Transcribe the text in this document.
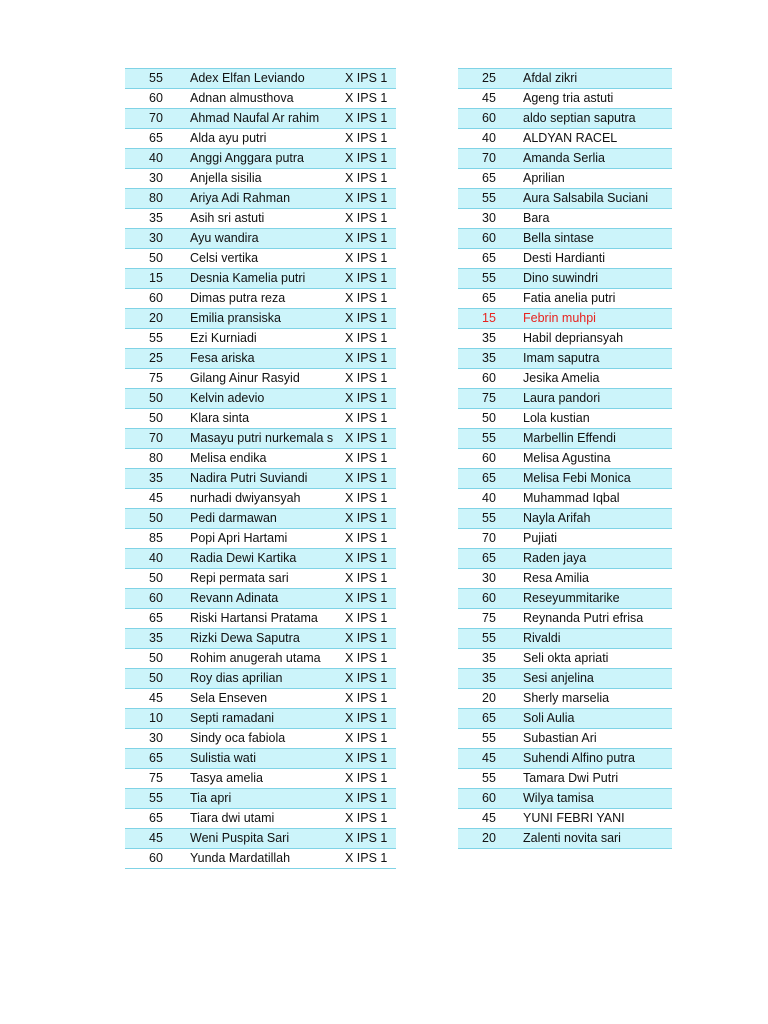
55	Adex Elfan Leviando	X IPS 1
60	Adnan almusthova	X IPS 1
70	Ahmad Naufal Ar rahim	X IPS 1
65	Alda ayu putri	X IPS 1
40	Anggi Anggara putra	X IPS 1
30	Anjella sisilia	X IPS 1
80	Ariya Adi Rahman	X IPS 1
35	Asih sri astuti	X IPS 1
30	Ayu wandira	X IPS 1
50	Celsi vertika	X IPS 1
15	Desnia Kamelia putri	X IPS 1
60	Dimas putra reza	X IPS 1
20	Emilia pransiska	X IPS 1
55	Ezi Kurniadi	X IPS 1
25	Fesa ariska	X IPS 1
75	Gilang Ainur Rasyid	X IPS 1
50	Kelvin adevio	X IPS 1
50	Klara sinta	X IPS 1
70	Masayu putri nurkemala s	X IPS 1
80	Melisa endika	X IPS 1
35	Nadira Putri Suviandi	X IPS 1
45	nurhadi dwiyansyah	X IPS 1
50	Pedi darmawan	X IPS 1
85	Popi Apri Hartami	X IPS 1
40	Radia Dewi Kartika	X IPS 1
50	Repi permata sari	X IPS 1
60	Revann Adinata	X IPS 1
65	Riski Hartansi Pratama	X IPS 1
35	Rizki Dewa Saputra	X IPS 1
50	Rohim anugerah utama	X IPS 1
50	Roy dias aprilian	X IPS 1
45	Sela Enseven	X IPS 1
10	Septi ramadani	X IPS 1
30	Sindy oca fabiola	X IPS 1
65	Sulistia wati	X IPS 1
75	Tasya amelia	X IPS 1
55	Tia apri	X IPS 1
65	Tiara dwi utami	X IPS 1
45	Weni Puspita Sari	X IPS 1
60	Yunda Mardatillah	X IPS 1
25	Afdal zikri
45	Ageng tria astuti
60	aldo septian saputra
40	ALDYAN RACEL
70	Amanda Serlia
65	Aprilian
55	Aura Salsabila Suciani
30	Bara
60	Bella sintase
65	Desti Hardianti
55	Dino suwindri
65	Fatia anelia putri
15	Febrin muhpi
35	Habil depriansyah
35	Imam saputra
60	Jesika Amelia
75	Laura pandori
50	Lola kustian
55	Marbellin Effendi
60	Melisa Agustina
65	Melisa Febi Monica
40	Muhammad Iqbal
55	Nayla Arifah
70	Pujiati
65	Raden jaya
30	Resa Amilia
60	Reseyummitarike
75	Reynanda Putri efrisa
55	Rivaldi
35	Seli okta apriati
35	Sesi anjelina
20	Sherly marselia
65	Soli Aulia
55	Subastian Ari
45	Suhendi Alfino putra
55	Tamara Dwi Putri
60	Wilya tamisa
45	YUNI FEBRI YANI
20	Zalenti novita sari
